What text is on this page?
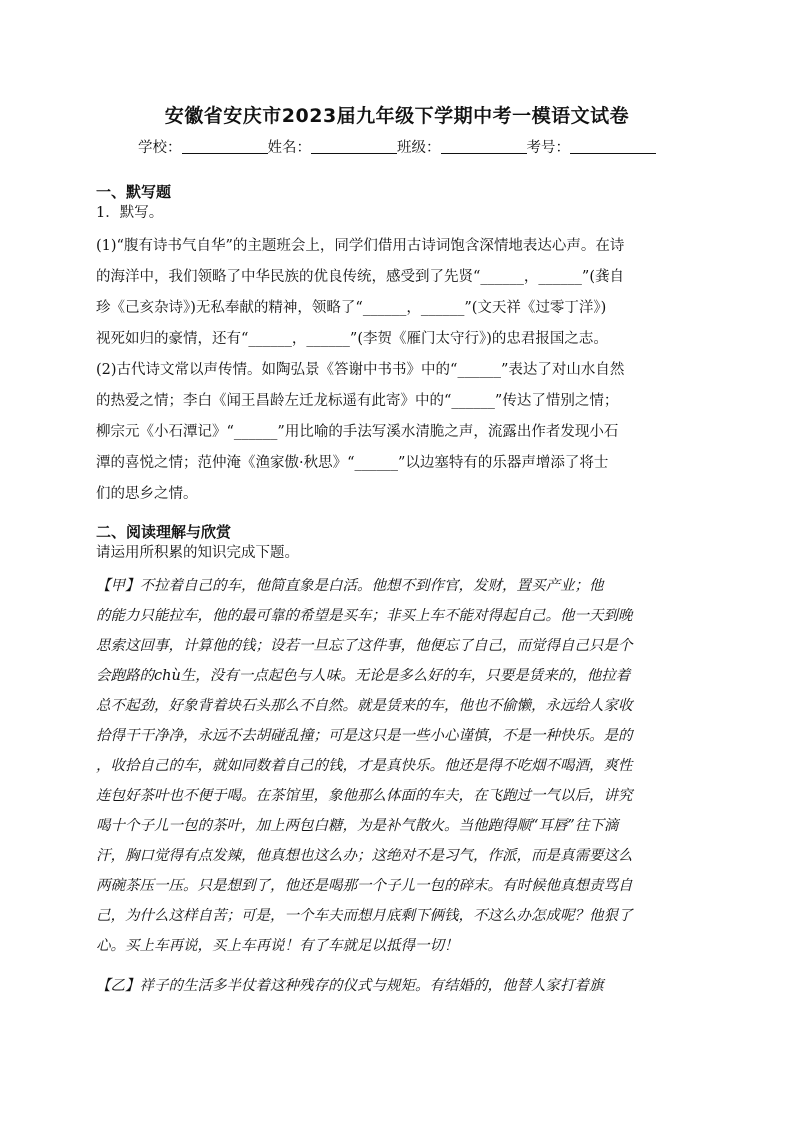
安徽省安庆市2023届九年级下学期中考一模语文试卷
学校：	姓名：	班级：	考号：
一、默写题
1．默写。
(1)“腹有诗书气自华”的主题班会上，同学们借用古诗词饱含深情地表达心声。在诗
的海洋中，我们领略了中华民族的优良传统，感受到了先贤“______，______”(龚自
珍《己亥杂诗》)无私奉献的精神，领略了“______，______”(文天祥《过零丁洋》)
视死如归的豪情，还有“______，______”(李贺《雁门太守行》)的忠君报国之志。
(2)古代诗文常以声传情。如陶弘景《答谢中书书》中的“______”表达了对山水自然
的热爱之情；李白《闻王昌龄左迁龙标遥有此寄》中的“______”传达了惜别之情；
柳宗元《小石潭记》“______”用比喻的手法写溪水清脆之声，流露出作者发现小石
潭的喜悦之情；范仲淹《渔家傲·秋思》“______”以边塞特有的乐器声增添了将士
们的思乡之情。
二、阅读理解与欣赏
请运用所积累的知识完成下题。
【甲】不拉着自己的车，他简直象是白活。他想不到作官，发财，置买产业；他
的能力只能拉车，他的最可靠的希望是买车；非买上车不能对得起自己。他一天到晚
思索这回事，计算他的钱；设若一旦忘了这件事，他便忘了自己，而觉得自己只是个
会跑路的chù生，没有一点起色与人味。无论是多么好的车，只要是赁来的，他拉着
总不起劲，好象背着块石头那么不自然。就是赁来的车，他也不偷懒，永远给人家收
拾得干干净净，永远不去胡碰乱撞；可是这只是一些小心谨慎，不是一种快乐。是的
，收拾自己的车，就如同数着自己的钱，才是真快乐。他还是得不吃烟不喝酒，爽性
连包好茶叶也不便于喝。在茶馆里，象他那么体面的车夫，在飞跑过一气以后，讲究
喝十个子儿一包的茶叶，加上两包白糖，为是补气散火。当他跑得顺“耳唇”往下滴
汗，胸口觉得有点发辣，他真想也这么办；这绝对不是习气，作派，而是真需要这么
两碗茶压一压。只是想到了，他还是喝那一个子儿一包的碎末。有时候他真想责骂自
己，为什么这样自苦；可是，一个车夫而想月底剩下俩钱，不这么办怎成呢？他狠了
心。买上车再说，买上车再说！有了车就足以抵得一切！
【乙】祥子的生活多半仗着这种残存的仪式与规矩。有结婚的，他替人家打着旗
